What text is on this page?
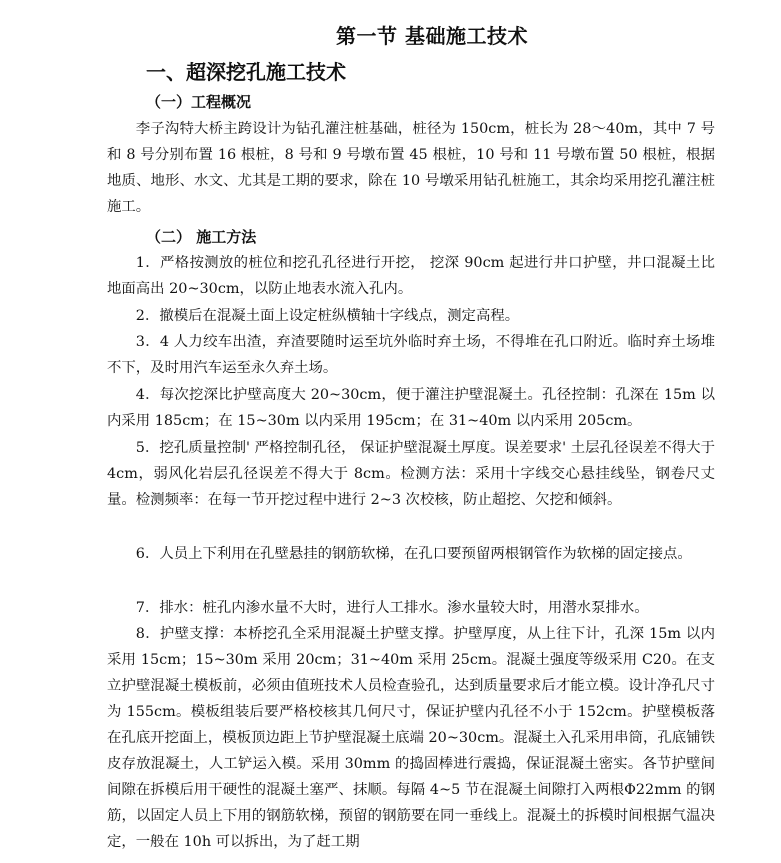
第一节 基础施工技术
一、超深挖孔施工技术
（一）工程概况

李子沟特大桥主跨设计为钻孔灌注桩基础，桩径为 150cm，桩长为 28～40m，其中 7 号和 8 号分别布置 16 根桩，8 号和 9 号墩布置 45 根桩，10 号和 11 号墩布置 50 根桩，根据地质、地形、水文、尤其是工期的要求，除在 10 号墩采用钻孔桩施工，其余均采用挖孔灌注桩施工。

（二） 施工方法

1．严格按测放的桩位和挖孔孔径进行开挖， 挖深 90cm 起进行井口护壁，井口混凝土比地面高出 20~30cm，以防止地表水流入孔内。

2．撤模后在混凝土面上设定桩纵横轴十字线点，测定高程。

3．4 人力绞车出渣，弃渣要随时运至坑外临时弃土场，不得堆在孔口附近。临时弃土场堆不下，及时用汽车运至永久弃土场。

4．每次挖深比护壁高度大 20~30cm，便于灌注护壁混凝土。孔径控制：孔深在 15m 以内采用 185cm；在 15~30m 以内采用 195cm；在 31~40m 以内采用 205cm。

5．挖孔质量控制' 严格控制孔径， 保证护壁混凝土厚度。误差要求' 土层孔径误差不得大于 4cm，弱风化岩层孔径误差不得大于 8cm。检测方法：采用十字线交心悬挂线坠，钢卷尺丈量。检测频率：在每一节开挖过程中进行 2~3 次校核，防止超挖、欠挖和倾斜。

6．人员上下利用在孔壁悬挂的钢筋软梯，在孔口要预留两根钢管作为软梯的固定接点。

7．排水：桩孔内渗水量不大时，进行人工排水。渗水量较大时，用潜水泵排水。

8．护壁支撑：本桥挖孔全采用混凝土护壁支撑。护壁厚度，从上往下计，孔深 15m 以内采用 15cm；15~30m 采用 20cm；31~40m 采用 25cm。混凝土强度等级采用 C20。在支立护壁混凝土模板前，必须由值班技术人员检查验孔，达到质量要求后才能立模。设计净孔尺寸为 155cm。模板组装后要严格校核其几何尺寸，保证护壁内孔径不小于 152cm。护壁模板落在孔底开挖面上，模板顶边距上节护壁混凝土底端 20~30cm。混凝土入孔采用串筒，孔底铺铁皮存放混凝土，人工铲运入模。采用 30mm 的捣固棒进行震捣，保证混凝土密实。各节护壁间间隙在拆模后用干硬性的混凝土塞严、抹顺。每隔 4~5 节在混凝土间隙打入两根Φ22mm 的钢筋，以固定人员上下用的钢筋软梯，预留的钢筋要在同一垂线上。混凝土的拆模时间根据气温决定，一般在 10h 可以拆出，为了赶工期
